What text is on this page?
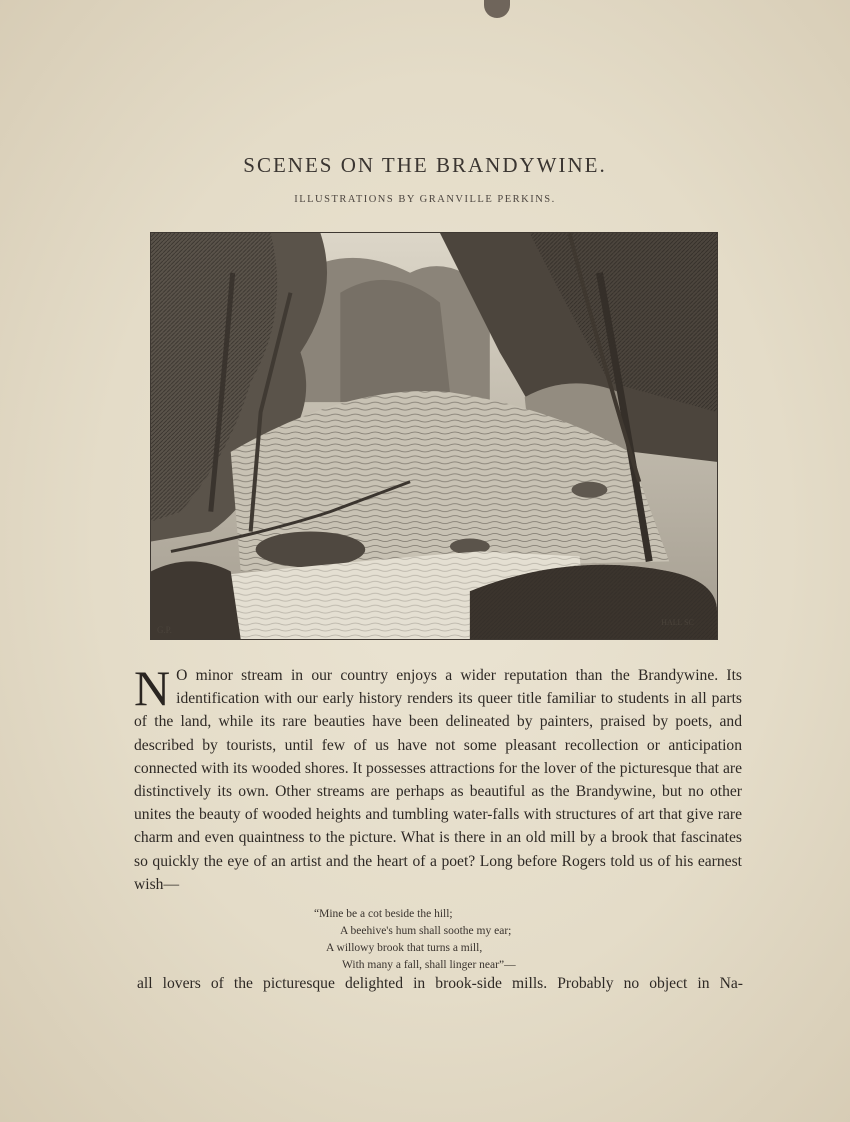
SCENES ON THE BRANDYWINE.
ILLUSTRATIONS BY GRANVILLE PERKINS.
G.P.
HALL SC
N O minor stream in our country enjoys a wider reputation than the Brandywine. Its identification with our early history renders its queer title familiar to students in all parts of the land, while its rare beauties have been delineated by painters, praised by poets, and described by tourists, until few of us have not some pleasant recollection or anticipation connected with its wooded shores. It possesses attractions for the lover of the picturesque that are distinctively its own. Other streams are perhaps as beautiful as the Brandywine, but no other unites the beauty of wooded heights and tumbling water-falls with structures of art that give rare charm and even quaintness to the picture. What is there in an old mill by a brook that fascinates so quickly the eye of an artist and the heart of a poet? Long before Rogers told us of his earnest wish—
“Mine be a cot beside the hill;
A beehive's hum shall soothe my ear;
A willowy brook that turns a mill,
With many a fall, shall linger near”—
all lovers of the picturesque delighted in brook-side mills. Probably no object in Na-
